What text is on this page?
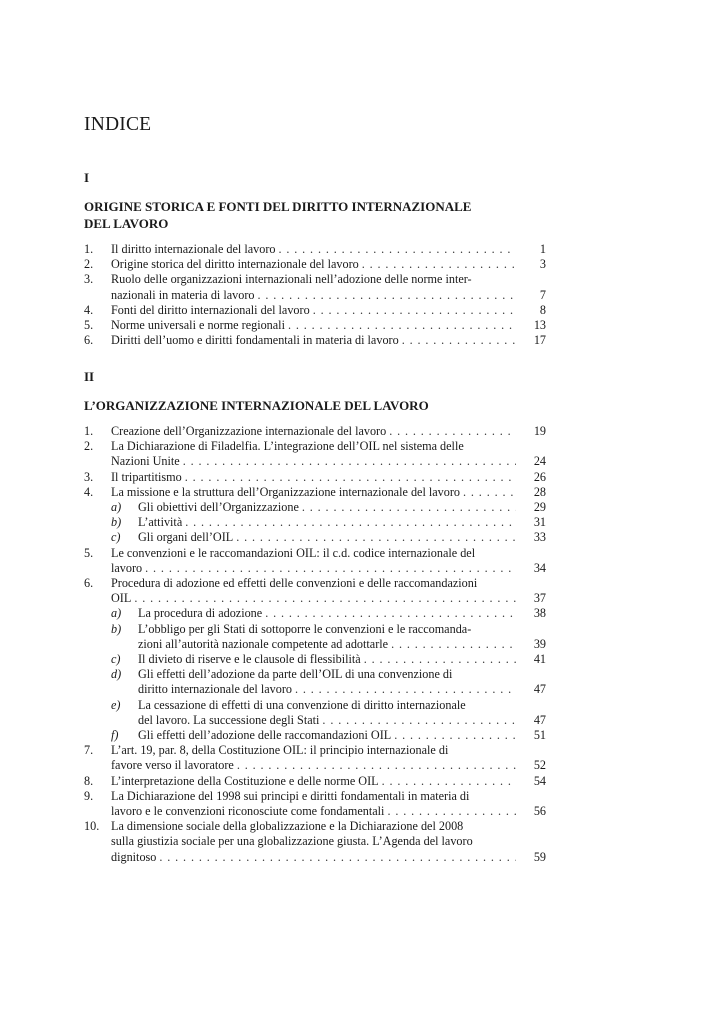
INDICE
I
ORIGINE STORICA E FONTI DEL DIRITTO INTERNAZIONALE
DEL LAVORO
1. Il diritto internazionale del lavoro . . .	1
2. Origine storica del diritto internazionale del lavoro . . .	3
3. Ruolo delle organizzazioni internazionali nell’adozione delle norme inter-
nazionali in materia di lavoro . . .	7
4. Fonti del diritto internazionali del lavoro . . .	8
5. Norme universali e norme regionali . . .	13
6. Diritti dell’uomo e diritti fondamentali in materia di lavoro . . .	17
II
L’ORGANIZZAZIONE INTERNAZIONALE DEL LAVORO
1. Creazione dell’Organizzazione internazionale del lavoro . . .	19
2. La Dichiarazione di Filadelfia. L’integrazione dell’OIL nel sistema delle
Nazioni Unite . . .	24
3. Il tripartitismo . . .	26
4. La missione e la struttura dell’Organizzazione internazionale del lavoro . . .	28
a) Gli obiettivi dell’Organizzazione . . .	29
b) L’attività . . .	31
c) Gli organi dell’OIL . . .	33
5. Le convenzioni e le raccomandazioni OIL: il c.d. codice internazionale del
lavoro . . .	34
6. Procedura di adozione ed effetti delle convenzioni e delle raccomandazioni
OIL . . .	37
a) La procedura di adozione . . .	38
b) L’obbligo per gli Stati di sottoporre le convenzioni e le raccomanda-
zioni all’autorità nazionale competente ad adottarle . . .	39
c) Il divieto di riserve e le clausole di flessibilità . . .	41
d) Gli effetti dell’adozione da parte dell’OIL di una convenzione di
diritto internazionale del lavoro . . .	47
e) La cessazione di effetti di una convenzione di diritto internazionale
del lavoro. La successione degli Stati . . .	47
f) Gli effetti dell’adozione delle raccomandazioni OIL . . .	51
7. L’art. 19, par. 8, della Costituzione OIL: il principio internazionale di
favore verso il lavoratore . . .	52
8. L’interpretazione della Costituzione e delle norme OIL . . .	54
9. La Dichiarazione del 1998 sui principi e diritti fondamentali in materia di
lavoro e le convenzioni riconosciute come fondamentali . . .	56
10. La dimensione sociale della globalizzazione e la Dichiarazione del 2008
sulla giustizia sociale per una globalizzazione giusta. L’Agenda del lavoro
dignitoso . . .	59
